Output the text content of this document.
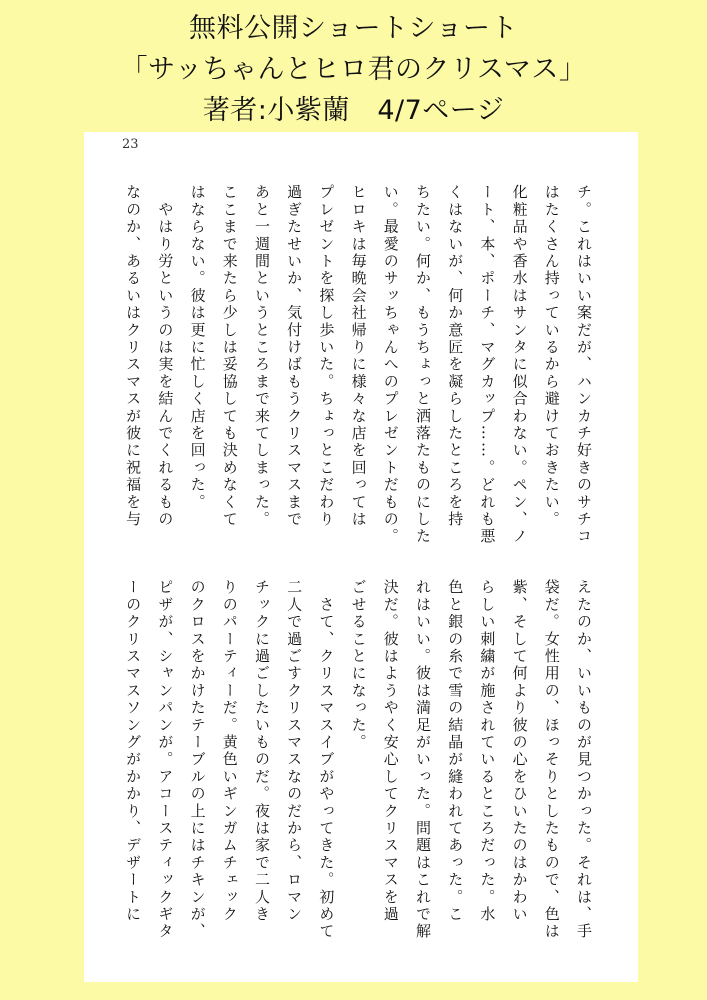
無料公開ショートショート
「サッちゃんとヒロ君のクリスマス」
著者:小紫蘭　4/7ページ
23
チ。これはいい案だが、ハンカチ好きのサチコ
はたくさん持っているから避けておきたい。
化粧品や香水はサンタに似合わない。ペン、ノ
ート、本、ポーチ、マグカップ……。どれも悪
くはないが、何か意匠を凝らしたところを持
ちたい。何か、もうちょっと洒落たものにした
い。最愛のサッちゃんへのプレゼントだもの。
ヒロキは毎晩会社帰りに様々な店を回っては
プレゼントを探し歩いた。ちょっとこだわり
過ぎたせいか、気付けばもうクリスマスまで
あと一週間というところまで来てしまった。
ここまで来たら少しは妥協しても決めなくて
はならない。彼は更に忙しく店を回った。
　やはり労というのは実を結んでくれるもの
なのか、あるいはクリスマスが彼に祝福を与
えたのか、いいものが見つかった。それは、手
袋だ。女性用の、ほっそりとしたもので、色は
紫、そして何より彼の心をひいたのはかわい
らしい刺繍が施されているところだった。水
色と銀の糸で雪の結晶が縫われてあった。こ
れはいい。彼は満足がいった。問題はこれで解
決だ。彼はようやく安心してクリスマスを過
ごせることになった。
　さて、クリスマスイブがやってきた。初めて
二人で過ごすクリスマスなのだから、ロマン
チックに過ごしたいものだ。夜は家で二人き
りのパーティーだ。黄色いギンガムチェック
のクロスをかけたテーブルの上にはチキンが、
ピザが、シャンパンが。アコースティックギタ
ーのクリスマスソングがかかり、デザートに
